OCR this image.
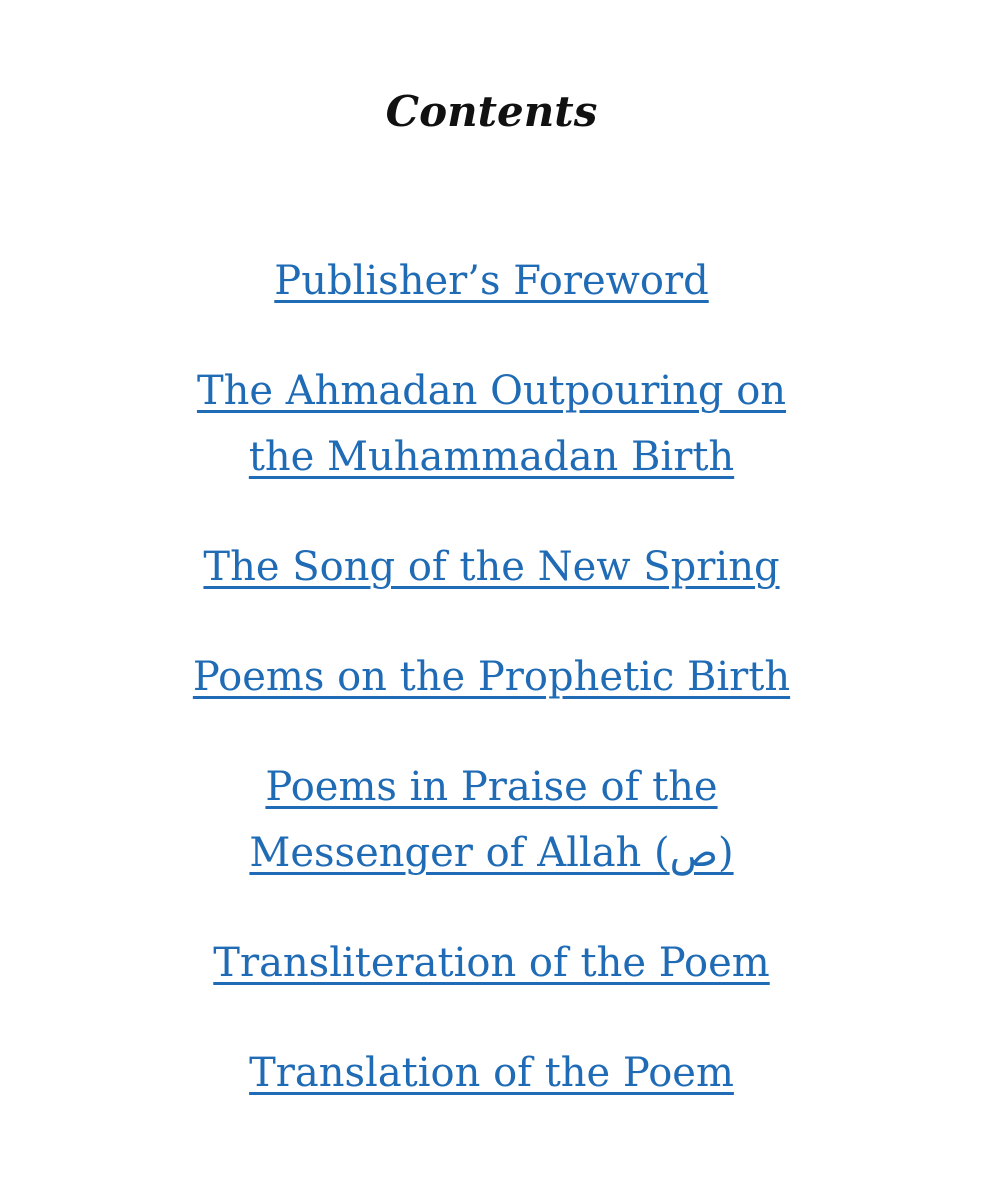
Contents
Publisher’s Foreword
The Ahmadan Outpouring on
the Muhammadan Birth
The Song of the New Spring
Poems on the Prophetic Birth
Poems in Praise of the
Messenger of Allah (ص)
Transliteration of the Poem
Translation of the Poem
